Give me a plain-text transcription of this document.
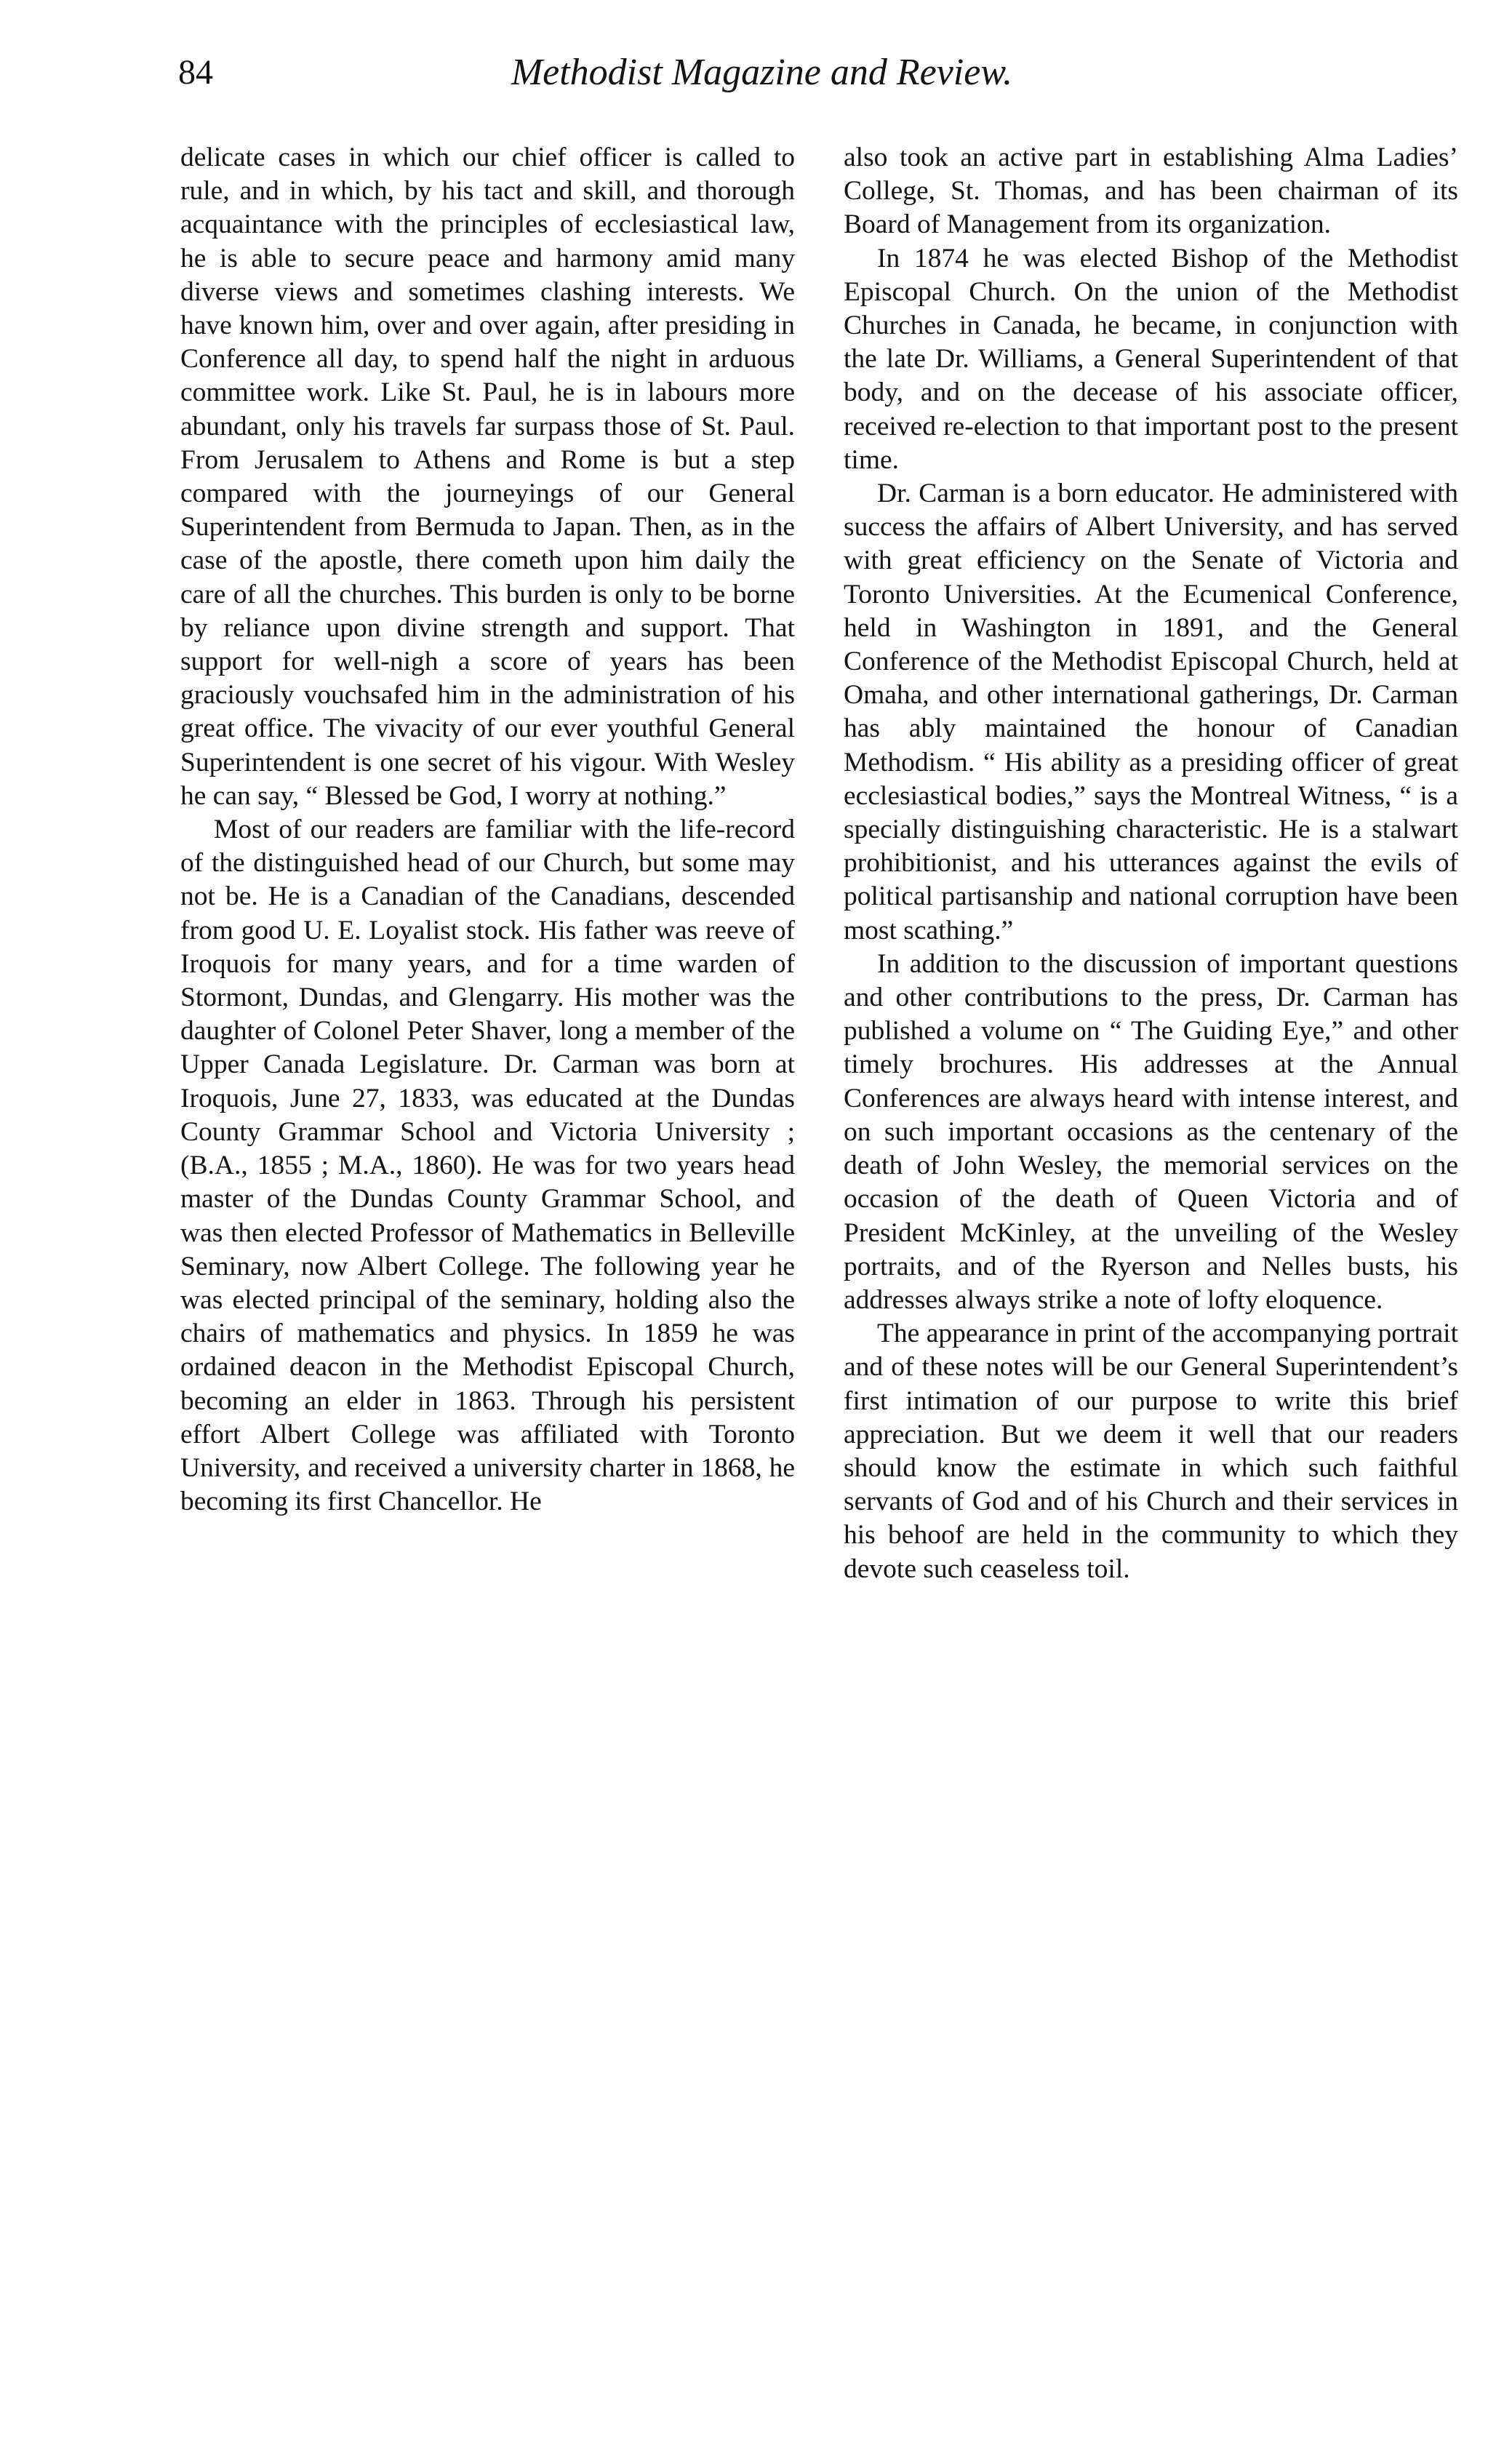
84	Methodist Magazine and Review.

delicate cases in which our chief officer is called to rule, and in which, by his tact and skill, and thorough acquaintance with the principles of ecclesiastical law, he is able to secure peace and harmony amid many diverse views and sometimes clashing interests. We have known him, over and over again, after presiding in Conference all day, to spend half the night in arduous committee work. Like St. Paul, he is in labours more abundant, only his travels far surpass those of St. Paul. From Jerusalem to Athens and Rome is but a step compared with the journeyings of our General Superintendent from Bermuda to Japan. Then, as in the case of the apostle, there cometh upon him daily the care of all the churches. This burden is only to be borne by reliance upon divine strength and support. That support for well-nigh a score of years has been graciously vouchsafed him in the administration of his great office. The vivacity of our ever youthful General Superintendent is one secret of his vigour. With Wesley he can say, “ Blessed be God, I worry at nothing.”

Most of our readers are familiar with the life-record of the distinguished head of our Church, but some may not be. He is a Canadian of the Canadians, descended from good U. E. Loyalist stock. His father was reeve of Iroquois for many years, and for a time warden of Stormont, Dundas, and Glengarry. His mother was the daughter of Colonel Peter Shaver, long a member of the Upper Canada Legislature. Dr. Carman was born at Iroquois, June 27, 1833, was educated at the Dundas County Grammar School and Victoria University ; (B.A., 1855 ; M.A., 1860). He was for two years head master of the Dundas County Grammar School, and was then elected Professor of Mathematics in Belleville Seminary, now Albert College. The following year he was elected principal of the seminary, holding also the chairs of mathematics and physics. In 1859 he was ordained deacon in the Methodist Episcopal Church, becoming an elder in 1863. Through his persistent effort Albert College was affiliated with Toronto University, and received a university charter in 1868, he becoming its first Chancellor. He

also took an active part in establishing Alma Ladies’ College, St. Thomas, and has been chairman of its Board of Management from its organization.

In 1874 he was elected Bishop of the Methodist Episcopal Church. On the union of the Methodist Churches in Canada, he became, in conjunction with the late Dr. Williams, a General Superintendent of that body, and on the decease of his associate officer, received re-election to that important post to the present time.

Dr. Carman is a born educator. He administered with success the affairs of Albert University, and has served with great efficiency on the Senate of Victoria and Toronto Universities. At the Ecumenical Conference, held in Washington in 1891, and the General Conference of the Methodist Episcopal Church, held at Omaha, and other international gatherings, Dr. Carman has ably maintained the honour of Canadian Methodism. “ His ability as a presiding officer of great ecclesiastical bodies,” says the Montreal Witness, “ is a specially distinguishing characteristic. He is a stalwart prohibitionist, and his utterances against the evils of political partisanship and national corruption have been most scathing.”

In addition to the discussion of important questions and other contributions to the press, Dr. Carman has published a volume on “ The Guiding Eye,” and other timely brochures. His addresses at the Annual Conferences are always heard with intense interest, and on such important occasions as the centenary of the death of John Wesley, the memorial services on the occasion of the death of Queen Victoria and of President McKinley, at the unveiling of the Wesley portraits, and of the Ryerson and Nelles busts, his addresses always strike a note of lofty eloquence.

The appearance in print of the accompanying portrait and of these notes will be our General Superintendent’s first intimation of our purpose to write this brief appreciation. But we deem it well that our readers should know the estimate in which such faithful servants of God and of his Church and their services in his behoof are held in the community to which they devote such ceaseless toil.
